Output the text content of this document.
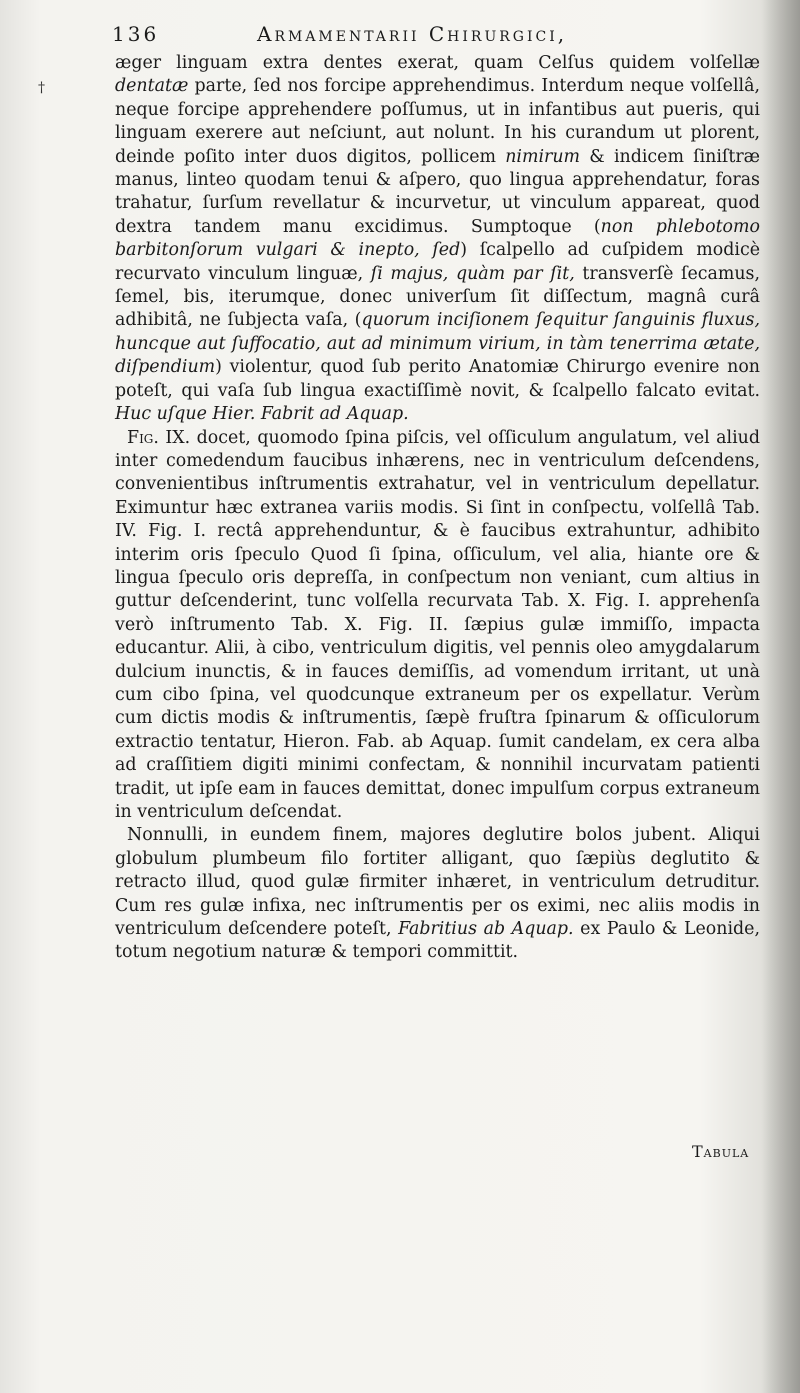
136	Armamentarii Chirurgici,
†

æger linguam extra dentes exerat, quam Celſus quidem volſellæ dentatæ parte, ſed nos forcipe apprehendimus. Interdum neque volſellâ, neque forcipe apprehendere poſſumus, ut in infantibus aut pueris, qui linguam exerere aut neſciunt, aut nolunt. In his curandum ut plorent, deinde poſito inter duos digitos, pollicem nimirum & indicem ſiniſtræ manus, linteo quodam tenui & aſpero, quo lingua apprehendatur, foras trahatur, ſurſum revellatur & incurvetur, ut vinculum appareat, quod dextra tandem manu excidimus. Sumptoque (non phlebotomo barbitonſorum vulgari & inepto, ſed) ſcalpello ad cuſpidem modicè recurvato vinculum linguæ, ſi majus, quàm par ſit, transverſè ſecamus, ſemel, bis, iterumque, donec univerſum ſit diſſectum, magnâ curâ adhibitâ, ne ſubjecta vaſa, (quorum inciſionem ſequitur ſanguinis fluxus, huncque aut ſuffocatio, aut ad minimum virium, in tàm tenerrima ætate, diſpendium) violentur, quod ſub perito Anatomiæ Chirurgo evenire non poteſt, qui vaſa ſub lingua exactiſſimè novit, & ſcalpello falcato evitat. Huc uſque Hier. Fabrit ad Aquap.

Fig. IX. docet, quomodo ſpina piſcis, vel oſſiculum angulatum, vel aliud inter comedendum faucibus inhærens, nec in ventriculum deſcendens, convenientibus inſtrumentis extrahatur, vel in ventriculum depellatur. Eximuntur hæc extranea variis modis. Si ſint in conſpectu, volſellâ Tab. IV. Fig. I. rectâ apprehenduntur, & è faucibus extrahuntur, adhibito interim oris ſpeculo Quod ſi ſpina, oſſiculum, vel alia, hiante ore & lingua ſpeculo oris depreſſa, in conſpectum non veniant, cum altius in guttur deſcenderint, tunc volſella recurvata Tab. X. Fig. I. apprehenſa verò inſtrumento Tab. X. Fig. II. ſæpius gulæ immiſſo, impacta educantur. Alii, à cibo, ventriculum digitis, vel pennis oleo amygdalarum dulcium inunctis, & in fauces demiſſis, ad vomendum irritant, ut unà cum cibo ſpina, vel quodcunque extraneum per os expellatur. Verùm cum dictis modis & inſtrumentis, ſæpè fruſtra ſpinarum & oſſiculorum extractio tentatur, Hieron. Fab. ab Aquap. ſumit candelam, ex cera alba ad craſſitiem digiti minimi confectam, & nonnihil incurvatam patienti tradit, ut ipſe eam in fauces demittat, donec impulſum corpus extraneum in ventriculum deſcendat.

Nonnulli, in eundem finem, majores deglutire bolos jubent. Aliqui globulum plumbeum filo fortiter alligant, quo ſæpiùs deglutito & retracto illud, quod gulæ firmiter inhæret, in ventriculum detruditur. Cum res gulæ infixa, nec inſtrumentis per os eximi, nec aliis modis in ventriculum deſcendere poteſt, Fabritius ab Aquap. ex Paulo & Leonide, totum negotium naturæ & tempori committit.

Tabula
